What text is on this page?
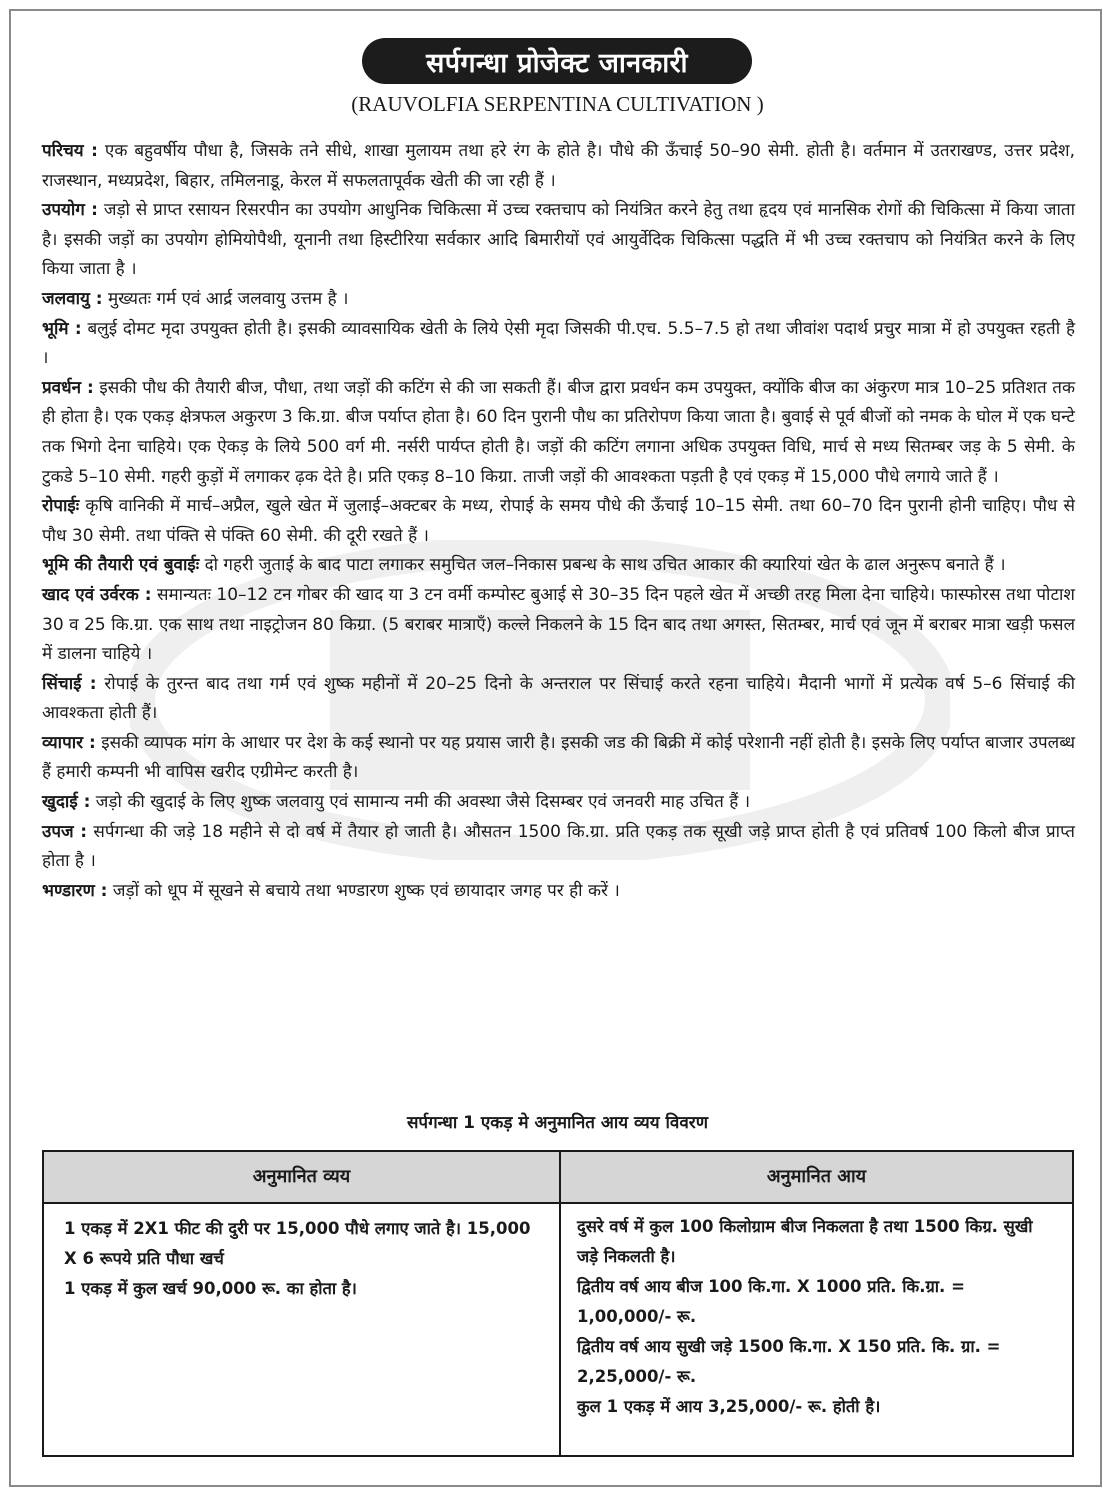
सर्पगन्धा प्रोजेक्ट जानकारी
(RAUVOLFIA SERPENTINA CULTIVATION )

परिचय : एक बहुवर्षीय पौधा है, जिसके तने सीधे, शाखा मुलायम तथा हरे रंग के होते है। पौधे की ऊँचाई 50–90 सेमी. होती है। वर्तमान में उतराखण्ड, उत्तर प्रदेश, राजस्थान, मध्यप्रदेश, बिहार, तमिलनाडू, केरल में सफलतापूर्वक खेती की जा रही हैं ।

उपयोग : जड़ो से प्राप्त रसायन रिसरपीन का उपयोग आधुनिक चिकित्सा में उच्च रक्तचाप को नियंत्रित करने हेतु तथा हृदय एवं मानसिक रोगों की चिकित्सा में किया जाता है। इसकी जड़ों का उपयोग होमियोपैथी, यूनानी तथा हिस्टीरिया सर्वकार आदि बिमारीयों एवं आयुर्वेदिक चिकित्सा पद्धति में भी उच्च रक्तचाप को नियंत्रित करने के लिए किया जाता है ।

जलवायु : मुख्यतः गर्म एवं आर्द्र जलवायु उत्तम है ।

भूमि : बलुई दोमट मृदा उपयुक्त होती है। इसकी व्यावसायिक खेती के लिये ऐसी मृदा जिसकी पी.एच. 5.5–7.5 हो तथा जीवांश पदार्थ प्रचुर मात्रा में हो उपयुक्त रहती है ।

प्रवर्धन : इसकी पौध की तैयारी बीज, पौधा, तथा जड़ों की कटिंग से की जा सकती हैं। बीज द्वारा प्रवर्धन कम उपयुक्त, क्योंकि बीज का अंकुरण मात्र 10–25 प्रतिशत तक ही होता है। एक एकड़ क्षेत्रफल अकुरण 3 कि.ग्रा. बीज पर्याप्त होता है। 60 दिन पुरानी पौध का प्रतिरोपण किया जाता है। बुवाई से पूर्व बीजों को नमक के घोल में एक घन्टे तक भिगो देना चाहिये। एक ऐकड़ के लिये 500 वर्ग मी. नर्सरी पार्यप्त होती है। जड़ों की कटिंग लगाना अधिक उपयुक्त विधि, मार्च से मध्य सितम्बर जड़ के 5 सेमी. के टुकडे 5–10 सेमी. गहरी कुड़ों में लगाकर ढ़क देते है। प्रति एकड़ 8–10 किग्रा. ताजी जड़ों की आवश्कता पड़ती है एवं एकड़ में 15,000 पौधे लगाये जाते हैं ।

रोपाईः कृषि वानिकी में मार्च–अप्रैल, खुले खेत में जुलाई–अक्टबर के मध्य, रोपाई के समय पौधे की ऊँचाई 10–15 सेमी. तथा 60–70 दिन पुरानी होनी चाहिए। पौध से पौध 30 सेमी. तथा पंक्ति से पंक्ति 60 सेमी. की दूरी रखते हैं ।

भूमि की तैयारी एवं बुवाईः दो गहरी जुताई के बाद पाटा लगाकर समुचित जल–निकास प्रबन्ध के साथ उचित आकार की क्यारियां खेत के ढाल अनुरूप बनाते हैं ।

खाद एवं उर्वरक : समान्यतः 10–12 टन गोबर की खाद या 3 टन वर्मी कम्पोस्ट बुआई से 30–35 दिन पहले खेत में अच्छी तरह मिला देना चाहिये। फास्फोरस तथा पोटाश 30 व 25 कि.ग्रा. एक साथ तथा नाइट्रोजन 80 किग्रा. (5 बराबर मात्राएँ) कल्ले निकलने के 15 दिन बाद तथा अगस्त, सितम्बर, मार्च एवं जून में बराबर मात्रा खड़ी फसल में डालना चाहिये ।

सिंचाई : रोपाई के तुरन्त बाद तथा गर्म एवं शुष्क महीनों में 20–25 दिनो के अन्तराल पर सिंचाई करते रहना चाहिये। मैदानी भागों में प्रत्येक वर्ष 5–6 सिंचाई की आवश्कता होती हैं।

व्यापार : इसकी व्यापक मांग के आधार पर देश के कई स्थानो पर यह प्रयास जारी है। इसकी जड की बिक्री में कोई परेशानी नहीं होती है। इसके लिए पर्याप्त बाजार उपलब्ध हैं हमारी कम्पनी भी वापिस खरीद एग्रीमेन्ट करती है।

खुदाई : जड़ो की खुदाई के लिए शुष्क जलवायु एवं सामान्य नमी की अवस्था जैसे दिसम्बर एवं जनवरी माह उचित हैं ।

उपज : सर्पगन्धा की जड़े 18 महीने से दो वर्ष में तैयार हो जाती है। औसतन 1500 कि.ग्रा. प्रति एकड़ तक सूखी जड़े प्राप्त होती है एवं प्रतिवर्ष 100 किलो बीज प्राप्त होता है ।

भण्डारण : जड़ों को धूप में सूखने से बचाये तथा भण्डारण शुष्क एवं छायादार जगह पर ही करें ।

सर्पगन्धा 1 एकड़ मे अनुमानित आय व्यय विवरण
अनुमानित व्यय	अनुमानित आय

1 एकड़ में 2X1 फीट की दुरी पर 15,000 पौधे लगाए जाते है। 15,000 X 6 रूपये प्रति पौधा खर्च

1 एकड़ में कुल खर्च 90,000 रू. का होता है।

दुसरे वर्ष में कुल 100 किलोग्राम बीज निकलता है तथा 1500 किग्र. सुखी जड़े निकलती है।

द्वितीय वर्ष आय बीज 100 कि.गा. X 1000 प्रति. कि.ग्रा. = 1,00,000/- रू.

द्वितीय वर्ष आय सुखी जड़े 1500 कि.गा. X 150 प्रति. कि. ग्रा. = 2,25,000/- रू.

कुल 1 एकड़ में आय 3,25,000/- रू. होती है।
